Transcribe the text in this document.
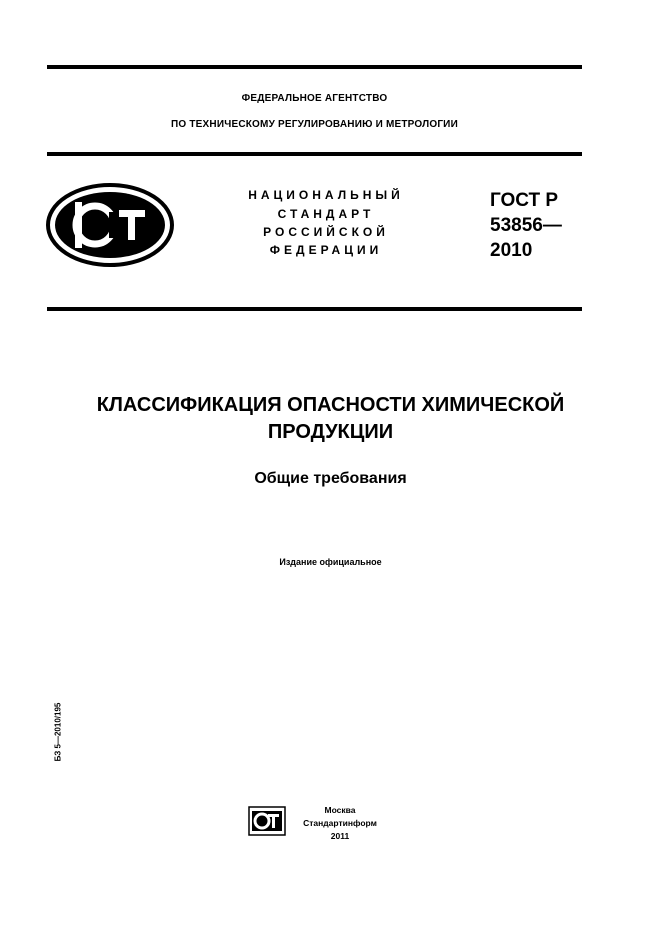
ФЕДЕРАЛЬНОЕ АГЕНТСТВО
ПО ТЕХНИЧЕСКОМУ РЕГУЛИРОВАНИЮ И МЕТРОЛОГИИ
НАЦИОНАЛЬНЫЙ
СТАНДАРТ
РОССИЙСКОЙ
ФЕДЕРАЦИИ
ГОСТ Р
53856—
2010
КЛАССИФИКАЦИЯ ОПАСНОСТИ ХИМИЧЕСКОЙ
ПРОДУКЦИИ
Общие требования
Издание официальное
БЗ 5—2010/195
Москва
Стандартинформ
2011
